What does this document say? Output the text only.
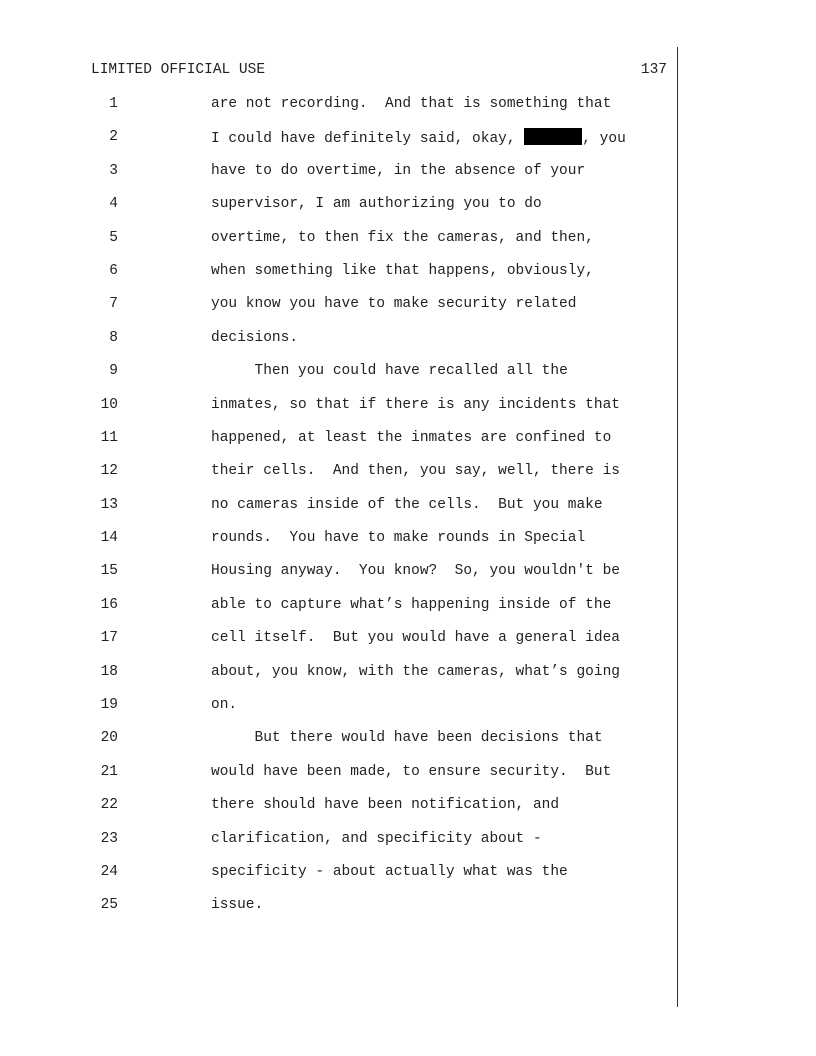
LIMITED OFFICIAL USE	137
1	are not recording.  And that is something that
2	I could have definitely said, okay,	, you
3	have to do overtime, in the absence of your
4	supervisor, I am authorizing you to do
5	overtime, to then fix the cameras, and then,
6	when something like that happens, obviously,
7	you know you have to make security related
8	decisions.
9	Then you could have recalled all the
10	inmates, so that if there is any incidents that
11	happened, at least the inmates are confined to
12	their cells.  And then, you say, well, there is
13	no cameras inside of the cells.  But you make
14	rounds.  You have to make rounds in Special
15	Housing anyway.  You know?  So, you wouldn't be
16	able to capture what’s happening inside of the
17	cell itself.  But you would have a general idea
18	about, you know, with the cameras, what’s going
19	on.
20	But there would have been decisions that
21	would have been made, to ensure security.  But
22	there should have been notification, and
23	clarification, and specificity about -
24	specificity - about actually what was the
25	issue.
